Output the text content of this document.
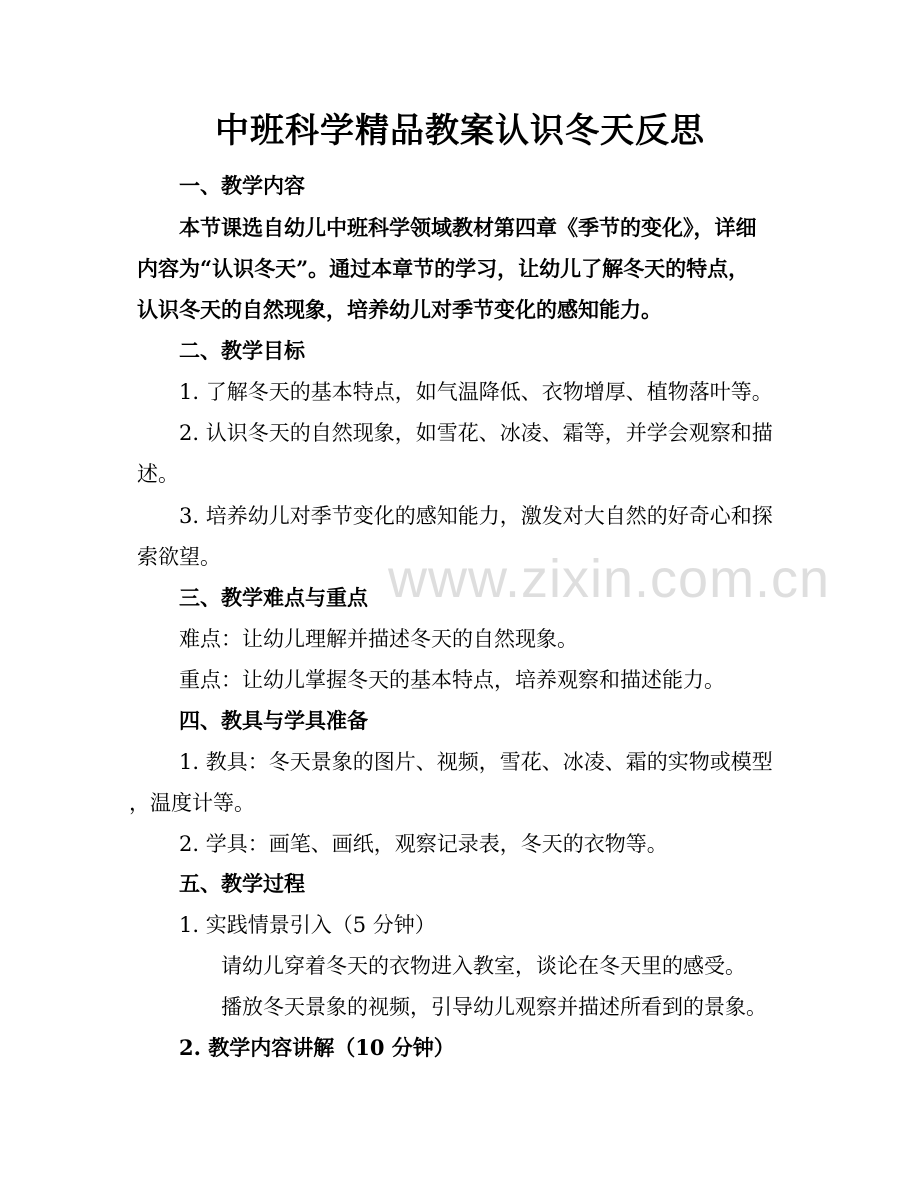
www.zixin.com.cn
中班科学精品教案认识冬天反思
一、教学内容
本节课选自幼儿中班科学领域教材第四章《季节的变化》，详细
内容为“认识冬天”。通过本章节的学习，让幼儿了解冬天的特点，
认识冬天的自然现象，培养幼儿对季节变化的感知能力。
二、教学目标
1. 了解冬天的基本特点，如气温降低、衣物增厚、植物落叶等。
2. 认识冬天的自然现象，如雪花、冰凌、霜等，并学会观察和描
述。
3. 培养幼儿对季节变化的感知能力，激发对大自然的好奇心和探
索欲望。
三、教学难点与重点
难点：让幼儿理解并描述冬天的自然现象。
重点：让幼儿掌握冬天的基本特点，培养观察和描述能力。
四、教具与学具准备
1. 教具：冬天景象的图片、视频，雪花、冰凌、霜的实物或模型
，温度计等。
2. 学具：画笔、画纸，观察记录表，冬天的衣物等。
五、教学过程
1. 实践情景引入（5 分钟）
请幼儿穿着冬天的衣物进入教室，谈论在冬天里的感受。
播放冬天景象的视频，引导幼儿观察并描述所看到的景象。
2. 教学内容讲解（10 分钟）
